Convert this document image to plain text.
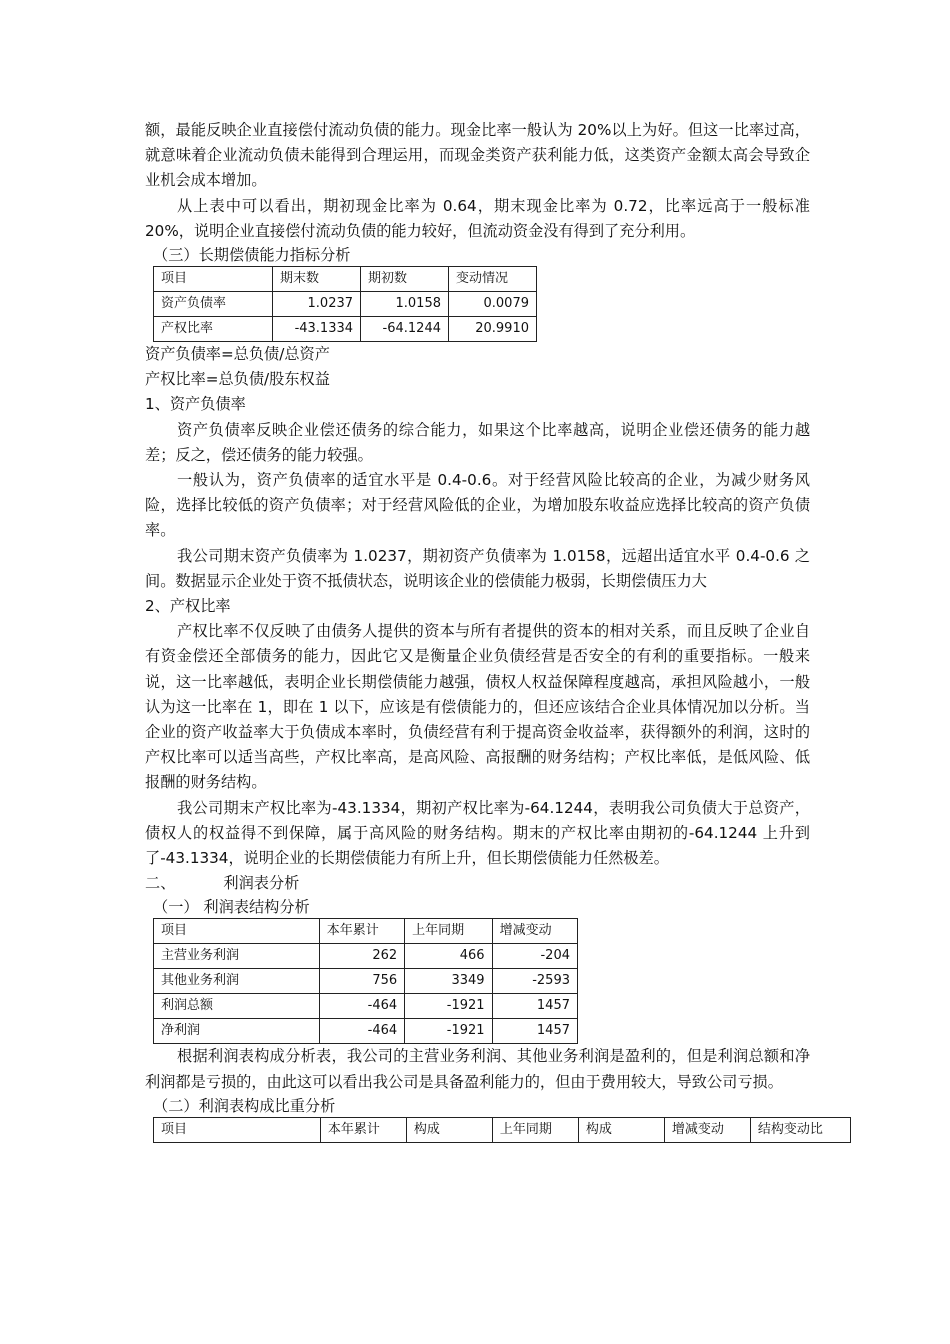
额，最能反映企业直接偿付流动负债的能力。现金比率一般认为 20%以上为好。但这一比率过高，就意味着企业流动负债未能得到合理运用，而现金类资产获利能力低，这类资产金额太高会导致企业机会成本增加。

从上表中可以看出，期初现金比率为 0.64，期末现金比率为 0.72，比率远高于一般标准 20%，说明企业直接偿付流动负债的能力较好，但流动资金没有得到了充分利用。

（三）长期偿债能力指标分析

项目	期末数	期初数	变动情况
资产负债率	1.0237	1.0158	0.0079
产权比率	-43.1334	-64.1244	20.9910

资产负债率=总负债/总资产

产权比率=总负债/股东权益

1、资产负债率

资产负债率反映企业偿还债务的综合能力，如果这个比率越高，说明企业偿还债务的能力越差；反之，偿还债务的能力较强。

一般认为，资产负债率的适宜水平是 0.4-0.6。对于经营风险比较高的企业，为减少财务风险，选择比较低的资产负债率；对于经营风险低的企业，为增加股东收益应选择比较高的资产负债率。

我公司期末资产负债率为 1.0237，期初资产负债率为 1.0158，远超出适宜水平 0.4-0.6 之间。数据显示企业处于资不抵债状态，说明该企业的偿债能力极弱，长期偿债压力大

2、产权比率

产权比率不仅反映了由债务人提供的资本与所有者提供的资本的相对关系，而且反映了企业自有资金偿还全部债务的能力，因此它又是衡量企业负债经营是否安全的有利的重要指标。一般来说，这一比率越低，表明企业长期偿债能力越强，债权人权益保障程度越高，承担风险越小，一般认为这一比率在 1，即在 1 以下，应该是有偿债能力的，但还应该结合企业具体情况加以分析。当企业的资产收益率大于负债成本率时，负债经营有利于提高资金收益率，获得额外的利润，这时的产权比率可以适当高些，产权比率高，是高风险、高报酬的财务结构；产权比率低，是低风险、低报酬的财务结构。

我公司期末产权比率为-43.1334，期初产权比率为-64.1244，表明我公司负债大于总资产，债权人的权益得不到保障，属于高风险的财务结构。期末的产权比率由期初的-64.1244 上升到了-43.1334，说明企业的长期偿债能力有所上升，但长期偿债能力任然极差。

二、	利润表分析

（一） 利润表结构分析

项目	本年累计	上年同期	增减变动
主营业务利润	262	466	-204
其他业务利润	756	3349	-2593
利润总额	-464	-1921	1457
净利润	-464	-1921	1457

根据利润表构成分析表，我公司的主营业务利润、其他业务利润是盈利的，但是利润总额和净利润都是亏损的，由此这可以看出我公司是具备盈利能力的，但由于费用较大，导致公司亏损。

（二）利润表构成比重分析

项目	本年累计	构成	上年同期	构成	增减变动	结构变动比
